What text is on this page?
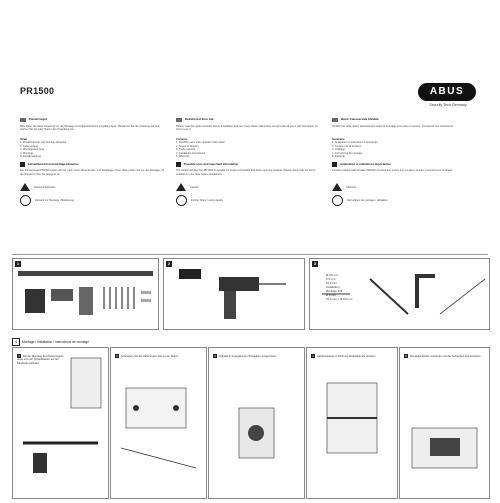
ABUS
Security Tech Germany
PR1500
Panzerriegel
Bitte lesen Sie diese Anleitung vor der Montage und Inbetriebnahme sorgfältig durch. Bewahren Sie die Anleitung auf und reichen Sie sie jeder Nutzer des Produktes mit.
Inhalt
1. Einsatzbereich und wichtige Hinweise
2. Lieferumfang
3. Montagewerkzeug
4. Montage
5. Gewährleistung
Einsatzbereich und wichtige Hinweise
Der Panzerriegel PR1500 eignet sich für nach innen öffnende Ein- und Zweiflügel-Türen. Bitte prüfen Sie vor der Montage, ob der Riegel für Ihre Tür geeignet ist.
Sicherheitshinweis
Hinweis zur Montage / Bedienung
Reinforced door bar
Please read this guide carefully before installation and use. Keep these instructions and provide all users with instruction on how to use it.
Contents
1. Possible uses and important information
2. Scope of delivery
3. Tools required
4. Installation instructions
5. Warranty
Possible uses and important information
The reinforced door bar PR1500 is suitable for single and double leaf doors opening inwards. Please check that the bar is suitable for your door before installation.
Caution
Further fitting / using details
Barre transversale blindée
Veuillez lire cette notice attentivement avant le montage et la mise en service. Conservez ces instructions.
Sommaire
1. Application et indications importantes
2. Contenu de la livraison
3. Outillage
4. Instructions de montage
5. Garantie
Application et indications importantes
La barre transversale blindée PR1500 convient aux portes à un ou deux vantaux s'ouvrant vers l'intérieur.
Attention
Instructions de montage / utilisation
1	2	3
Ø 3,5 mm
0,5 mm
16,0 mm
Installation
Montage drill
Ø 8 mm
70,0 mm × Ø 3,5 mm
4	Montage / Installation / Instructions de montage
1 Bei der Montage des Panzerriegels muss sich der Schließkasten auf der Bandseite befinden.
2 Schrauben Sie die Halterungen fest an der Wand.	3 Zylinder in angegebenen Schrauben ausgerichtet.	4 Gehäusekappe in Richtung Abdeckblende drücken.	5 Die Abdeckplatte montieren und die Schrauben fest anziehen.
